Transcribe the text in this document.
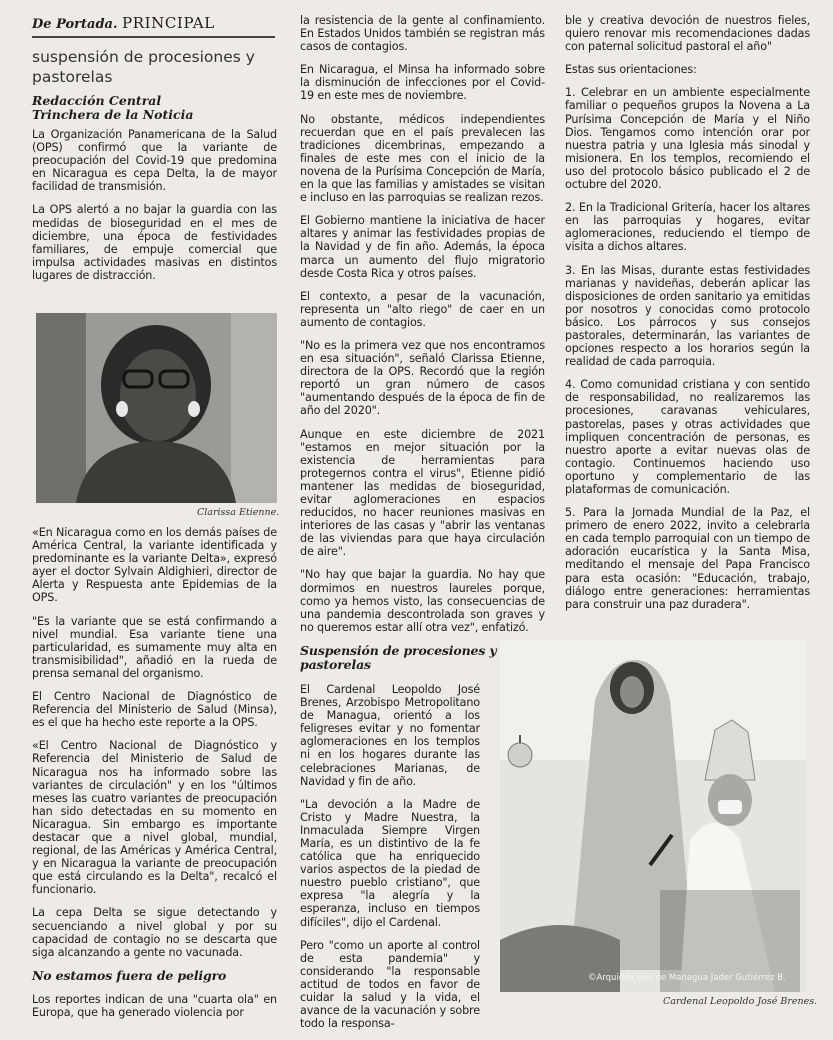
De Portada. PRINCIPAL
suspensión de procesiones y pastorelas
Redacción Central
Trinchera de la Noticia

La Organización Panamericana de la Salud (OPS) confirmó que la variante de preocupación del Covid-19 que predomina en Nicaragua es cepa Delta, la de mayor facilidad de transmisión.

La OPS alertó a no bajar la guardia con las medidas de bioseguridad en el mes de diciembre, una época de festividades familiares, de empuje comercial que impulsa actividades masivas en distintos lugares de distracción.

Clarissa Etienne.

«En Nicaragua como en los demás países de América Central, la variante identificada y predominante es la variante Delta», expresó ayer el doctor Sylvain Aldighieri, director de Alerta y Respuesta ante Epidemias de la OPS.

"Es la variante que se está confirmando a nivel mundial. Esa variante tiene una particularidad, es sumamente muy alta en transmisibilidad", añadió en la rueda de prensa semanal del organismo.

El Centro Nacional de Diagnóstico de Referencia del Ministerio de Salud (Minsa), es el que ha hecho este reporte a la OPS.

«El Centro Nacional de Diagnóstico y Referencia del Ministerio de Salud de Nicaragua nos ha informado sobre las variantes de circulación" y en los "últimos meses las cuatro variantes de preocupación han sido detectadas en su momento en Nicaragua. Sin embargo es importante destacar que a nivel global, mundial, regional, de las Américas y América Central, y en Nicaragua la variante de preocupación que está circulando es la Delta", recalcó el funcionario.

La cepa Delta se sigue detectando y secuenciando a nivel global y por su capacidad de contagio no se descarta que siga alcanzando a gente no vacunada.

No estamos fuera de peligro

Los reportes indican de una "cuarta ola" en Europa, que ha generado violencia por

la resistencia de la gente al confinamiento. En Estados Unidos también se registran más casos de contagios.

En Nicaragua, el Minsa ha informado sobre la disminución de infecciones por el Covid-19 en este mes de noviembre.

No obstante, médicos independientes recuerdan que en el país prevalecen las tradiciones dicembrinas, empezando a finales de este mes con el inicio de la novena de la Purísima Concepción de María, en la que las familias y amistades se visitan e incluso en las parroquias se realizan rezos.

El Gobierno mantiene la iniciativa de hacer altares y animar las festividades propias de la Navidad y de fin año. Además, la época marca un aumento del flujo migratorio desde Costa Rica y otros países.

El contexto, a pesar de la vacunación, representa un "alto riego" de caer en un aumento de contagios.

"No es la primera vez que nos encontramos en esa situación", señaló Clarissa Etienne, directora de la OPS. Recordó que la región reportó un gran número de casos "aumentando después de la época de fin de año del 2020".

Aunque en este diciembre de 2021 "estamos en mejor situación por la existencia de herramientas para protegernos contra el virus", Etienne pidió mantener las medidas de bioseguridad, evitar aglomeraciones en espacios reducidos, no hacer reuniones masivas en interiores de las casas y "abrir las ventanas de las viviendas para que haya circulación de aire".

"No hay que bajar la guardia. No hay que dormimos en nuestros laureles porque, como ya hemos visto, las consecuencias de una pandemia descontrolada son graves y no queremos estar allí otra vez", enfatizó.

Suspensión de procesiones y pastorelas

El Cardenal Leopoldo José Brenes, Arzobispo Metropolitano de Managua, orientó a los feligreses evitar y no fomentar aglomeraciones en los templos ni en los hogares durante las celebraciones Marianas, de Navidad y fin de año.

"La devoción a la Madre de Cristo y Madre Nuestra, la Inmaculada Siempre Virgen María, es un distintivo de la fe católica que ha enriquecido varios aspectos de la piedad de nuestro pueblo cristiano", que expresa "la alegría y la esperanza, incluso en tiempos difíciles", dijo el Cardenal.

Pero "como un aporte al control de esta pandemia" y considerando "la responsable actitud de todos en favor de cuidar la salud y la vida, el avance de la vacunación y sobre todo la responsa-

ble y creativa devoción de nuestros fieles, quiero renovar mis recomendaciones dadas con paternal solicitud pastoral el año"

Estas sus orientaciones:

1. Celebrar en un ambiente especialmente familiar o pequeños grupos la Novena a La Purísima Concepción de María y el Niño Dios. Tengamos como intención orar por nuestra patria y una Iglesia más sinodal y misionera. En los templos, recomiendo el uso del protocolo básico publicado el 2 de octubre del 2020.

2. En la Tradicional Gritería, hacer los altares en las parroquias y hogares, evitar aglomeraciones, reduciendo el tiempo de visita a dichos altares.

3. En las Misas, durante estas festividades marianas y navideñas, deberán aplicar las disposiciones de orden sanitario ya emitidas por nosotros y conocidas como protocolo básico. Los párrocos y sus consejos pastorales, determinarán, las variantes de opciones respecto a los horarios según la realidad de cada parroquia.

4. Como comunidad cristiana y con sentido de responsabilidad, no realizaremos las procesiones, caravanas vehiculares, pastorelas, pases y otras actividades que impliquen concentración de personas, es nuestro aporte a evitar nuevas olas de contagio. Continuemos haciendo uso oportuno y complementario de las plataformas de comunicación.

5. Para la Jornada Mundial de la Paz, el primero de enero 2022, invito a celebrarla en cada templo parroquial con un tiempo de adoración eucarística y la Santa Misa, meditando el mensaje del Papa Francisco para esta ocasión: "Educación, trabajo, diálogo entre generaciones: herramientas para construir una paz duradera".

©Arquidiócesis de Managua Jader Gutiérrez B.
Cardenal Leopoldo José Brenes.
